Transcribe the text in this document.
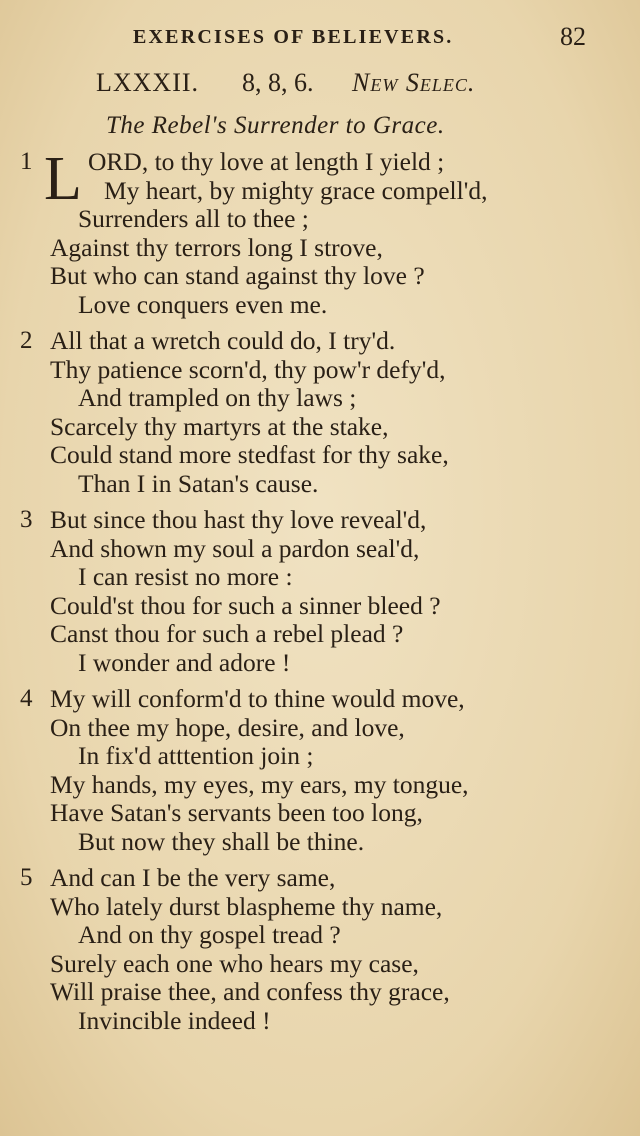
EXERCISES OF BELIEVERS.	82
LXXXII. 8, 8, 6. New Selec.
The Rebel's Surrender to Grace.
1 L ORD, to thy love at length I yield ;
My heart, by mighty grace compell'd,
Surrenders all to thee ;
Against thy terrors long I strove,
But who can stand against thy love ?
Love conquers even me.
2 All that a wretch could do, I try'd.
Thy patience scorn'd, thy pow'r defy'd,
And trampled on thy laws ;
Scarcely thy martyrs at the stake,
Could stand more stedfast for thy sake,
Than I in Satan's cause.
3 But since thou hast thy love reveal'd,
And shown my soul a pardon seal'd,
I can resist no more :
Could'st thou for such a sinner bleed ?
Canst thou for such a rebel plead ?
I wonder and adore !
4 My will conform'd to thine would move,
On thee my hope, desire, and love,
In fix'd atttention join ;
My hands, my eyes, my ears, my tongue,
Have Satan's servants been too long,
But now they shall be thine.
5 And can I be the very same,
Who lately durst blaspheme thy name,
And on thy gospel tread ?
Surely each one who hears my case,
Will praise thee, and confess thy grace,
Invincible indeed !
